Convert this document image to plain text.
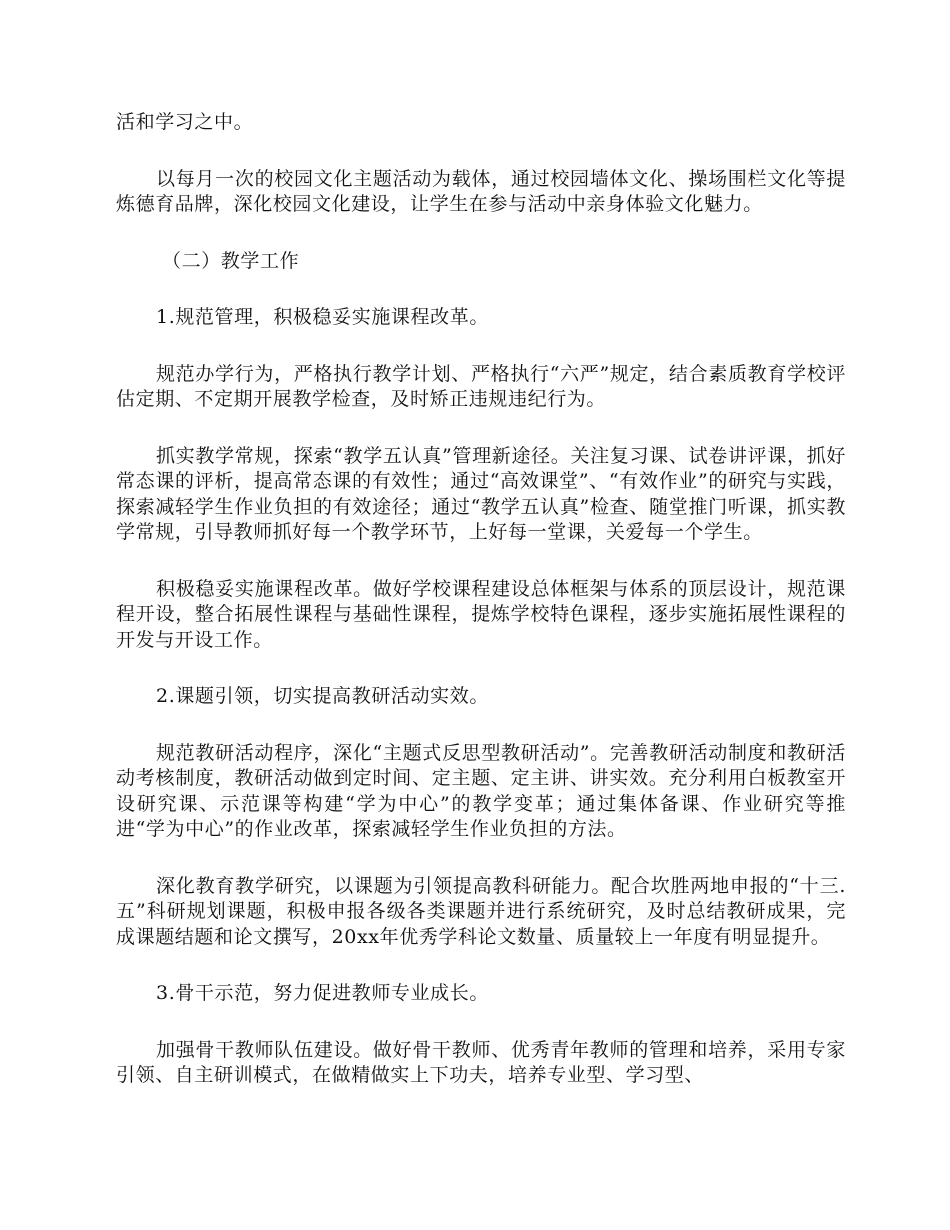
活和学习之中。

以每月一次的校园文化主题活动为载体，通过校园墙体文化、操场围栏文化等提炼德育品牌，深化校园文化建设，让学生在参与活动中亲身体验文化魅力。

（二）教学工作

1.规范管理，积极稳妥实施课程改革。

规范办学行为，严格执行教学计划、严格执行“六严”规定，结合素质教育学校评估定期、不定期开展教学检查，及时矫正违规违纪行为。

抓实教学常规，探索“教学五认真”管理新途径。关注复习课、试卷讲评课，抓好常态课的评析，提高常态课的有效性；通过“高效课堂”、“有效作业”的研究与实践，探索减轻学生作业负担的有效途径；通过“教学五认真”检查、随堂推门听课，抓实教学常规，引导教师抓好每一个教学环节，上好每一堂课，关爱每一个学生。

积极稳妥实施课程改革。做好学校课程建设总体框架与体系的顶层设计，规范课程开设，整合拓展性课程与基础性课程，提炼学校特色课程，逐步实施拓展性课程的开发与开设工作。

2.课题引领，切实提高教研活动实效。

规范教研活动程序，深化“主题式反思型教研活动”。完善教研活动制度和教研活动考核制度，教研活动做到定时间、定主题、定主讲、讲实效。充分利用白板教室开设研究课、示范课等构建“学为中心”的教学变革；通过集体备课、作业研究等推进“学为中心”的作业改革，探索减轻学生作业负担的方法。

深化教育教学研究，以课题为引领提高教科研能力。配合坎胜两地申报的“十三.五”科研规划课题，积极申报各级各类课题并进行系统研究，及时总结教研成果，完成课题结题和论文撰写，20xx年优秀学科论文数量、质量较上一年度有明显提升。

3.骨干示范，努力促进教师专业成长。

加强骨干教师队伍建设。做好骨干教师、优秀青年教师的管理和培养，采用专家引领、自主研训模式，在做精做实上下功夫，培养专业型、学习型、
